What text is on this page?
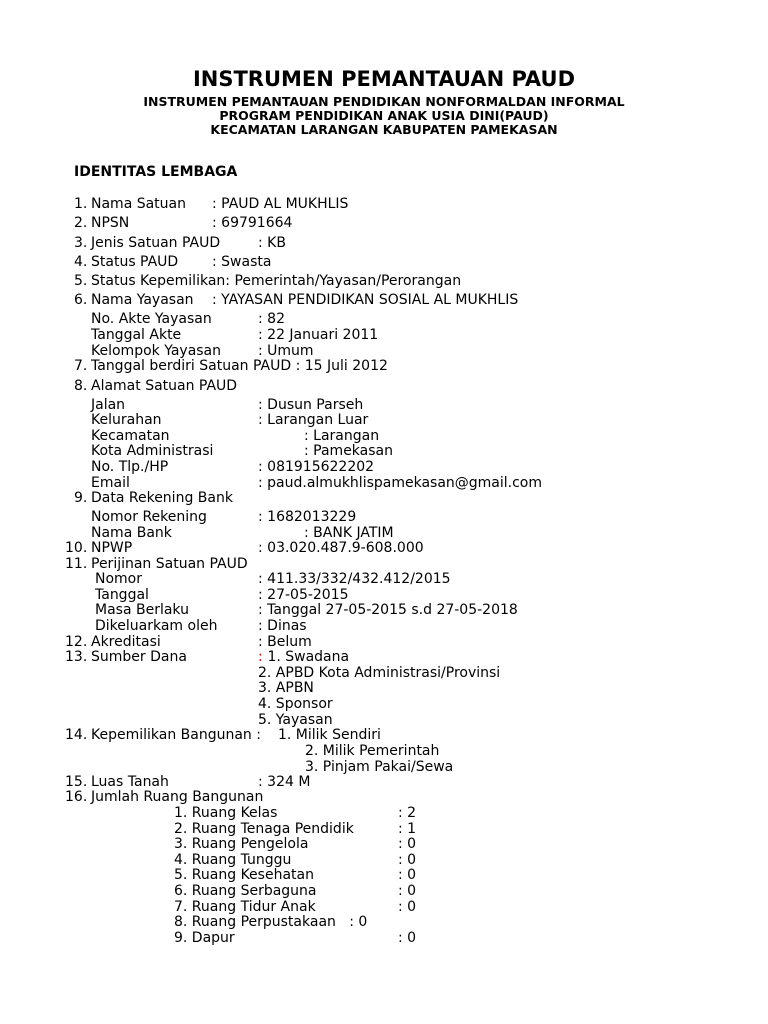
INSTRUMEN PEMANTAUAN PAUD
INSTRUMEN PEMANTAUAN PENDIDIKAN NONFORMALDAN INFORMAL
PROGRAM PENDIDIKAN ANAK USIA DINI(PAUD)
KECAMATAN LARANGAN KABUPATEN PAMEKASAN
IDENTITAS LEMBAGA
1. Nama Satuan : PAUD AL MUKHLIS
2. NPSN	: 69791664
3. Jenis Satuan PAUD	: KB
4. Status PAUD : Swasta
5. Status Kepemilikan: Pemerintah/Yayasan/Perorangan
6. Nama Yayasan : YAYASAN PENDIDIKAN SOSIAL AL MUKHLIS
No. Akte Yayasan	: 82
Tanggal Akte	: 22 Januari 2011
Kelompok Yayasan	: Umum
7. Tanggal berdiri Satuan PAUD : 15 Juli 2012
8. Alamat Satuan PAUD
Jalan	: Dusun Parseh
Kelurahan	: Larangan Luar
Kecamatan	: Larangan
Kota Administrasi	: Pamekasan
No. Tlp./HP	: 081915622202
Email	: paud.almukhlispamekasan@gmail.com
9. Data Rekening Bank
Nomor Rekening	: 1682013229
Nama Bank	: BANK JATIM
10. NPWP	: 03.020.487.9-608.000
11. Perijinan Satuan PAUD
Nomor	: 411.33/332/432.412/2015
Tanggal	: 27-05-2015
Masa Berlaku	: Tanggal 27-05-2015 s.d 27-05-2018
Dikeluarkam oleh	: Dinas
12. Akreditasi	: Belum
13. Sumber Dana	: 1. Swadana
2. APBD Kota Administrasi/Provinsi
3. APBN
4. Sponsor
5. Yayasan
14. Kepemilikan Bangunan : 1. Milik Sendiri
2. Milik Pemerintah
3. Pinjam Pakai/Sewa
15. Luas Tanah	: 324 M
16. Jumlah Ruang Bangunan
1. Ruang Kelas	: 2
2. Ruang Tenaga Pendidik	: 1
3. Ruang Pengelola	: 0
4. Ruang Tunggu	: 0
5. Ruang Kesehatan	: 0
6. Ruang Serbaguna	: 0
7. Ruang Tidur Anak	: 0
8. Ruang Perpustakaan   : 0
9. Dapur	: 0
